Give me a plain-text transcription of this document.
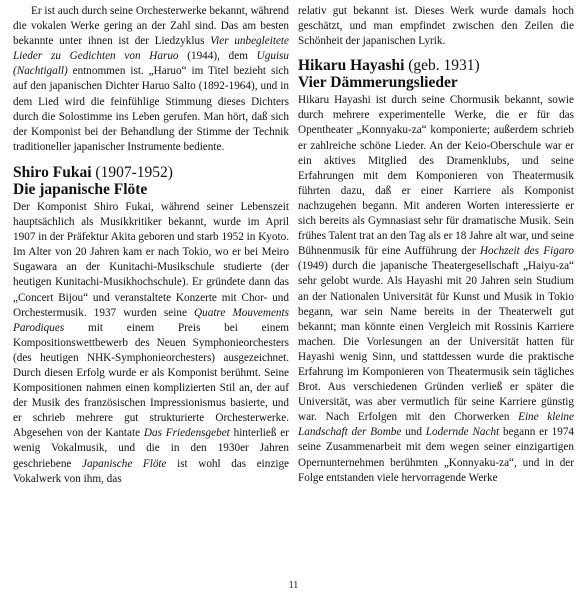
Er ist auch durch seine Orchesterwerke bekannt, während die vokalen Werke gering an der Zahl sind. Das am besten bekannte unter ihnen ist der Liedzyklus Vier unbegleitete Lieder zu Gedichten von Haruo (1944), dem Uguisu (Nachtigall) entnommen ist. „Haruo“ im Titel bezieht sich auf den japanischen Dichter Haruo Salto (1892-1964), und in dem Lied wird die feinfühlige Stimmung dieses Dichters durch die Solostimme ins Leben gerufen. Man hört, daß sich der Komponist bei der Behandlung der Stimme der Technik traditioneller japanischer Instrumente bediente.

Shiro Fukai (1907-1952)
Die japanische Flöte

Der Komponist Shiro Fukai, während seiner Lebenszeit hauptsächlich als Musikkritiker bekannt, wurde im April 1907 in der Präfektur Akita geboren und starb 1952 in Kyoto. Im Alter von 20 Jahren kam er nach Tokio, wo er bei Meiro Sugawara an der Kunitachi-Musikschule studierte (der heutigen Kunitachi-Musikhochschule). Er gründete dann das „Concert Bijou“ und veranstaltete Konzerte mit Chor- und Orchestermusik. 1937 wurden seine Quatre Mouvements Parodiques mit einem Preis bei einem Kompositionswettbewerb des Neuen Symphonieorchesters (des heutigen NHK-Symphonieorchesters) ausgezeichnet. Durch diesen Erfolg wurde er als Komponist berühmt. Seine Kompositionen nahmen einen komplizierten Stil an, der auf der Musik des französischen Impressionismus basierte, und er schrieb mehrere gut strukturierte Orchesterwerke. Abgesehen von der Kantate Das Friedensgebet hinterließ er wenig Vokalmusik, und die in den 1930er Jahren geschriebene Japanische Flöte ist wohl das einzige Vokalwerk von ihm, das

relativ gut bekannt ist. Dieses Werk wurde damals hoch geschätzt, und man empfindet zwischen den Zeilen die Schönheit der japanischen Lyrik.

Hikaru Hayashi (geb. 1931)
Vier Dämmerungslieder

Hikaru Hayashi ist durch seine Chormusik bekannt, sowie durch mehrere experimentelle Werke, die er für das Opentheater „Konnyaku-za“ komponierte; außerdem schrieb er zahlreiche schöne Lieder. An der Keio-Oberschule war er ein aktives Mitglied des Dramenklubs, und seine Erfahrungen mit dem Komponieren von Theatermusik führten dazu, daß er einer Karriere als Komponist nachzugehen begann. Mit anderen Worten interessierte er sich bereits als Gymnasiast sehr für dramatische Musik. Sein frühes Talent trat an den Tag als er 18 Jahre alt war, und seine Bühnenmusik für eine Aufführung der Hochzeit des Figaro (1949) durch die japanische Theatergesellschaft „Haiyu-za“ sehr gelobt wurde. Als Hayashi mit 20 Jahren sein Studium an der Nationalen Universität für Kunst und Musik in Tokio begann, war sein Name bereits in der Theaterwelt gut bekannt; man könnte einen Vergleich mit Rossinis Karriere machen. Die Vorlesungen an der Universität hatten für Hayashi wenig Sinn, und stattdessen wurde die praktische Erfahrung im Komponieren von Theatermusik sein tägliches Brot. Aus verschiedenen Gründen verließ er später die Universität, was aber vermutlich für seine Karriere günstig war. Nach Erfolgen mit den Chorwerken Eine kleine Landschaft der Bombe und Lodernde Nacht begann er 1974 seine Zusammenarbeit mit dem wegen seiner einzigartigen Opernunternehmen berühmten „Konnyaku-za“, und in der Folge entstanden viele hervorragende Werke

11
